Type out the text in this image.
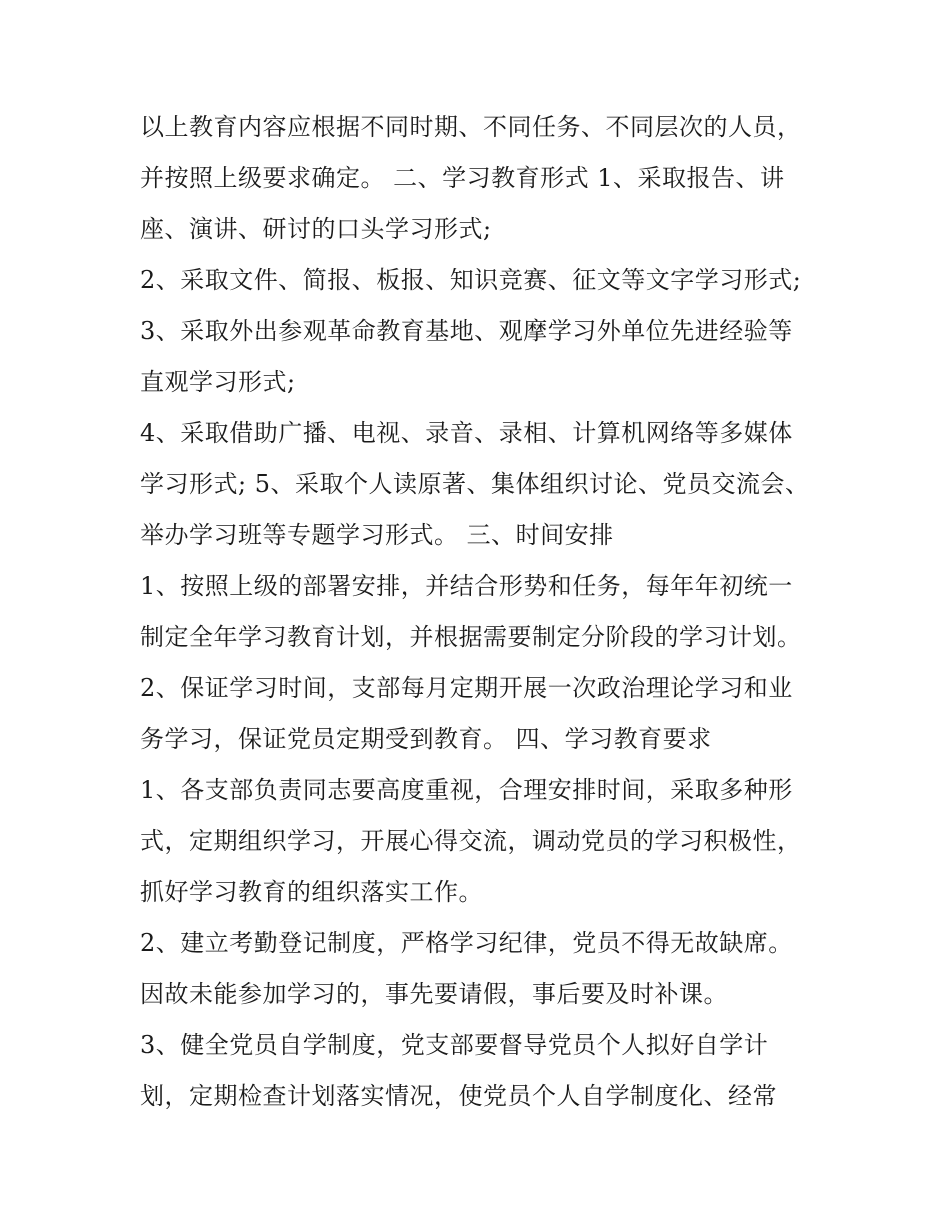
以上教育内容应根据不同时期、不同任务、不同层次的人员，
并按照上级要求确定。 二、学习教育形式 1、采取报告、讲
座、演讲、研讨的口头学习形式;
2、采取文件、简报、板报、知识竞赛、征文等文字学习形式;
3、采取外出参观革命教育基地、观摩学习外单位先进经验等
直观学习形式;
4、采取借助广播、电视、录音、录相、计算机网络等多媒体
学习形式; 5、采取个人读原著、集体组织讨论、党员交流会、
举办学习班等专题学习形式。 三、时间安排
1、按照上级的部署安排，并结合形势和任务，每年年初统一
制定全年学习教育计划，并根据需要制定分阶段的学习计划。
2、保证学习时间，支部每月定期开展一次政治理论学习和业
务学习，保证党员定期受到教育。 四、学习教育要求
1、各支部负责同志要高度重视，合理安排时间，采取多种形
式，定期组织学习，开展心得交流，调动党员的学习积极性，
抓好学习教育的组织落实工作。
2、建立考勤登记制度，严格学习纪律，党员不得无故缺席。
因故未能参加学习的，事先要请假，事后要及时补课。
3、健全党员自学制度，党支部要督导党员个人拟好自学计
划，定期检查计划落实情况，使党员个人自学制度化、经常
